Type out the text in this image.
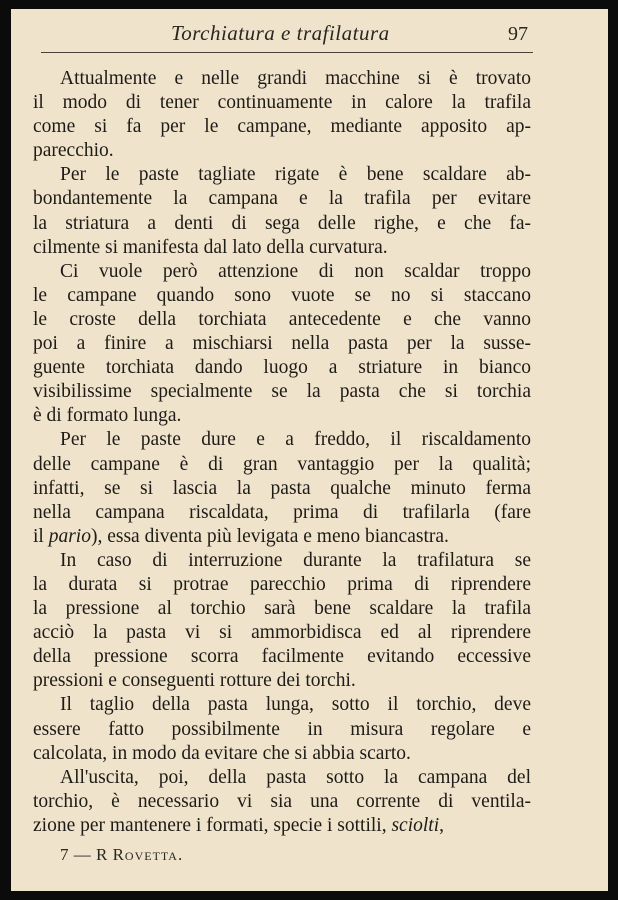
Torchiatura e trafilatura	97
Attualmente e nelle grandi macchine si è trovato
il modo di tener continuamente in calore la trafila
come si fa per le campane, mediante apposito ap-
parecchio.
Per le paste tagliate rigate è bene scaldare ab-
bondantemente la campana e la trafila per evitare
la striatura a denti di sega delle righe, e che fa-
cilmente si manifesta dal lato della curvatura.
Ci vuole però attenzione di non scaldar troppo
le campane quando sono vuote se no si staccano
le croste della torchiata antecedente e che vanno
poi a finire a mischiarsi nella pasta per la susse-
guente torchiata dando luogo a striature in bianco
visibilissime specialmente se la pasta che si torchia
è di formato lunga.
Per le paste dure e a freddo, il riscaldamento
delle campane è di gran vantaggio per la qualità;
infatti, se si lascia la pasta qualche minuto ferma
nella campana riscaldata, prima di trafilarla (fare
il pario), essa diventa più levigata e meno biancastra.
In caso di interruzione durante la trafilatura se
la durata si protrae parecchio prima di riprendere
la pressione al torchio sarà bene scaldare la trafila
acciò la pasta vi si ammorbidisca ed al riprendere
della pressione scorra facilmente evitando eccessive
pressioni e conseguenti rotture dei torchi.
Il taglio della pasta lunga, sotto il torchio, deve
essere fatto possibilmente in misura regolare e
calcolata, in modo da evitare che si abbia scarto.
All'uscita, poi, della pasta sotto la campana del
torchio, è necessario vi sia una corrente di ventila-
zione per mantenere i formati, specie i sottili, sciolti,
7 — R Rovetta.
